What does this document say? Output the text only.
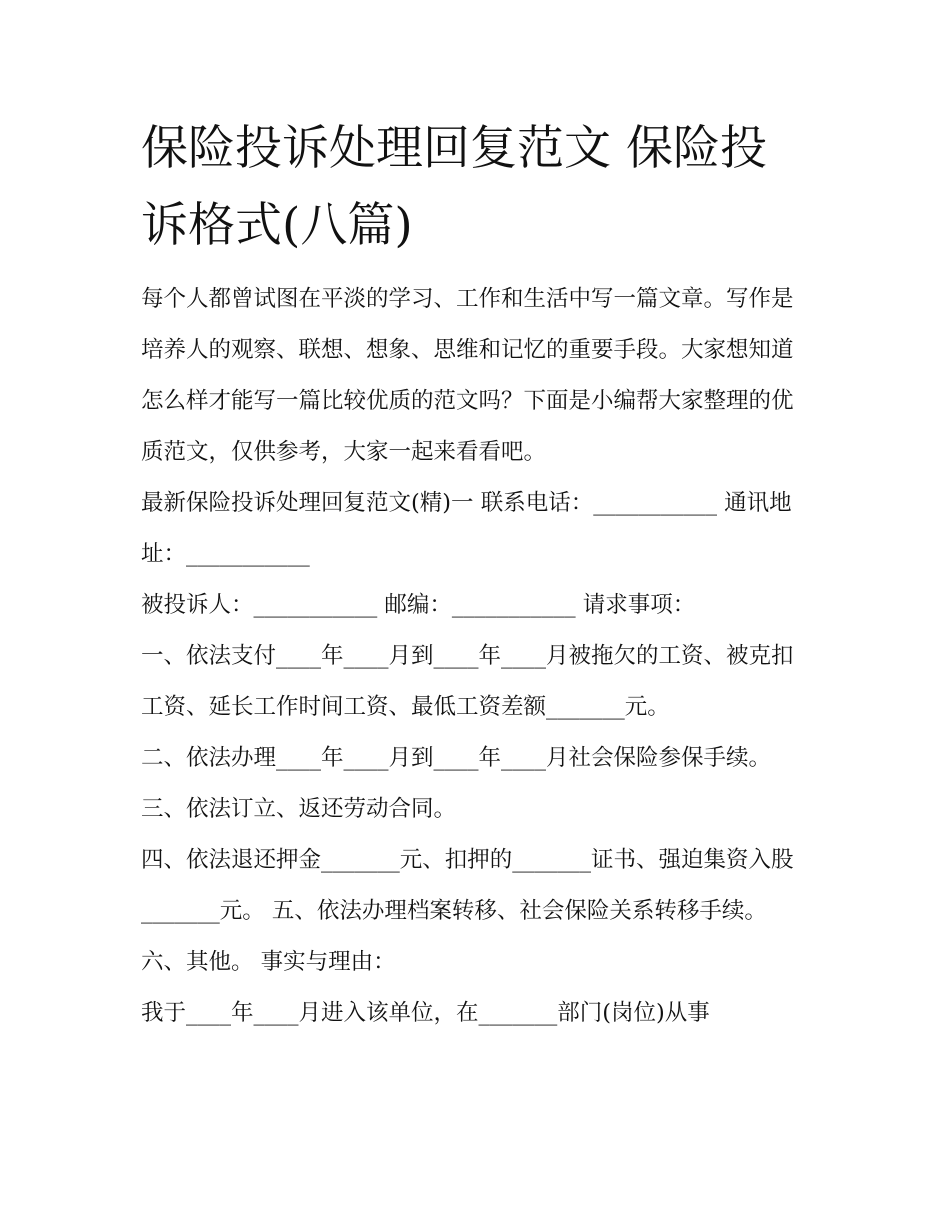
保险投诉处理回复范文 保险投诉格式(八篇)

每个人都曾试图在平淡的学习、工作和生活中写一篇文章。写作是培养人的观察、联想、想象、思维和记忆的重要手段。大家想知道怎么样才能写一篇比较优质的范文吗？下面是小编帮大家整理的优质范文，仅供参考，大家一起来看看吧。

最新保险投诉处理回复范文(精)一 联系电话：___________ 通讯地址：___________

被投诉人：___________ 邮编：___________ 请求事项：

一、依法支付____年____月到____年____月被拖欠的工资、被克扣工资、延长工作时间工资、最低工资差额_______元。

二、依法办理____年____月到____年____月社会保险参保手续。 三、依法订立、返还劳动合同。

四、依法退还押金_______元、扣押的_______证书、强迫集资入股_______元。 五、依法办理档案转移、社会保险关系转移手续。

六、其他。 事实与理由：

我于____年____月进入该单位，在_______部门(岗位)从事
